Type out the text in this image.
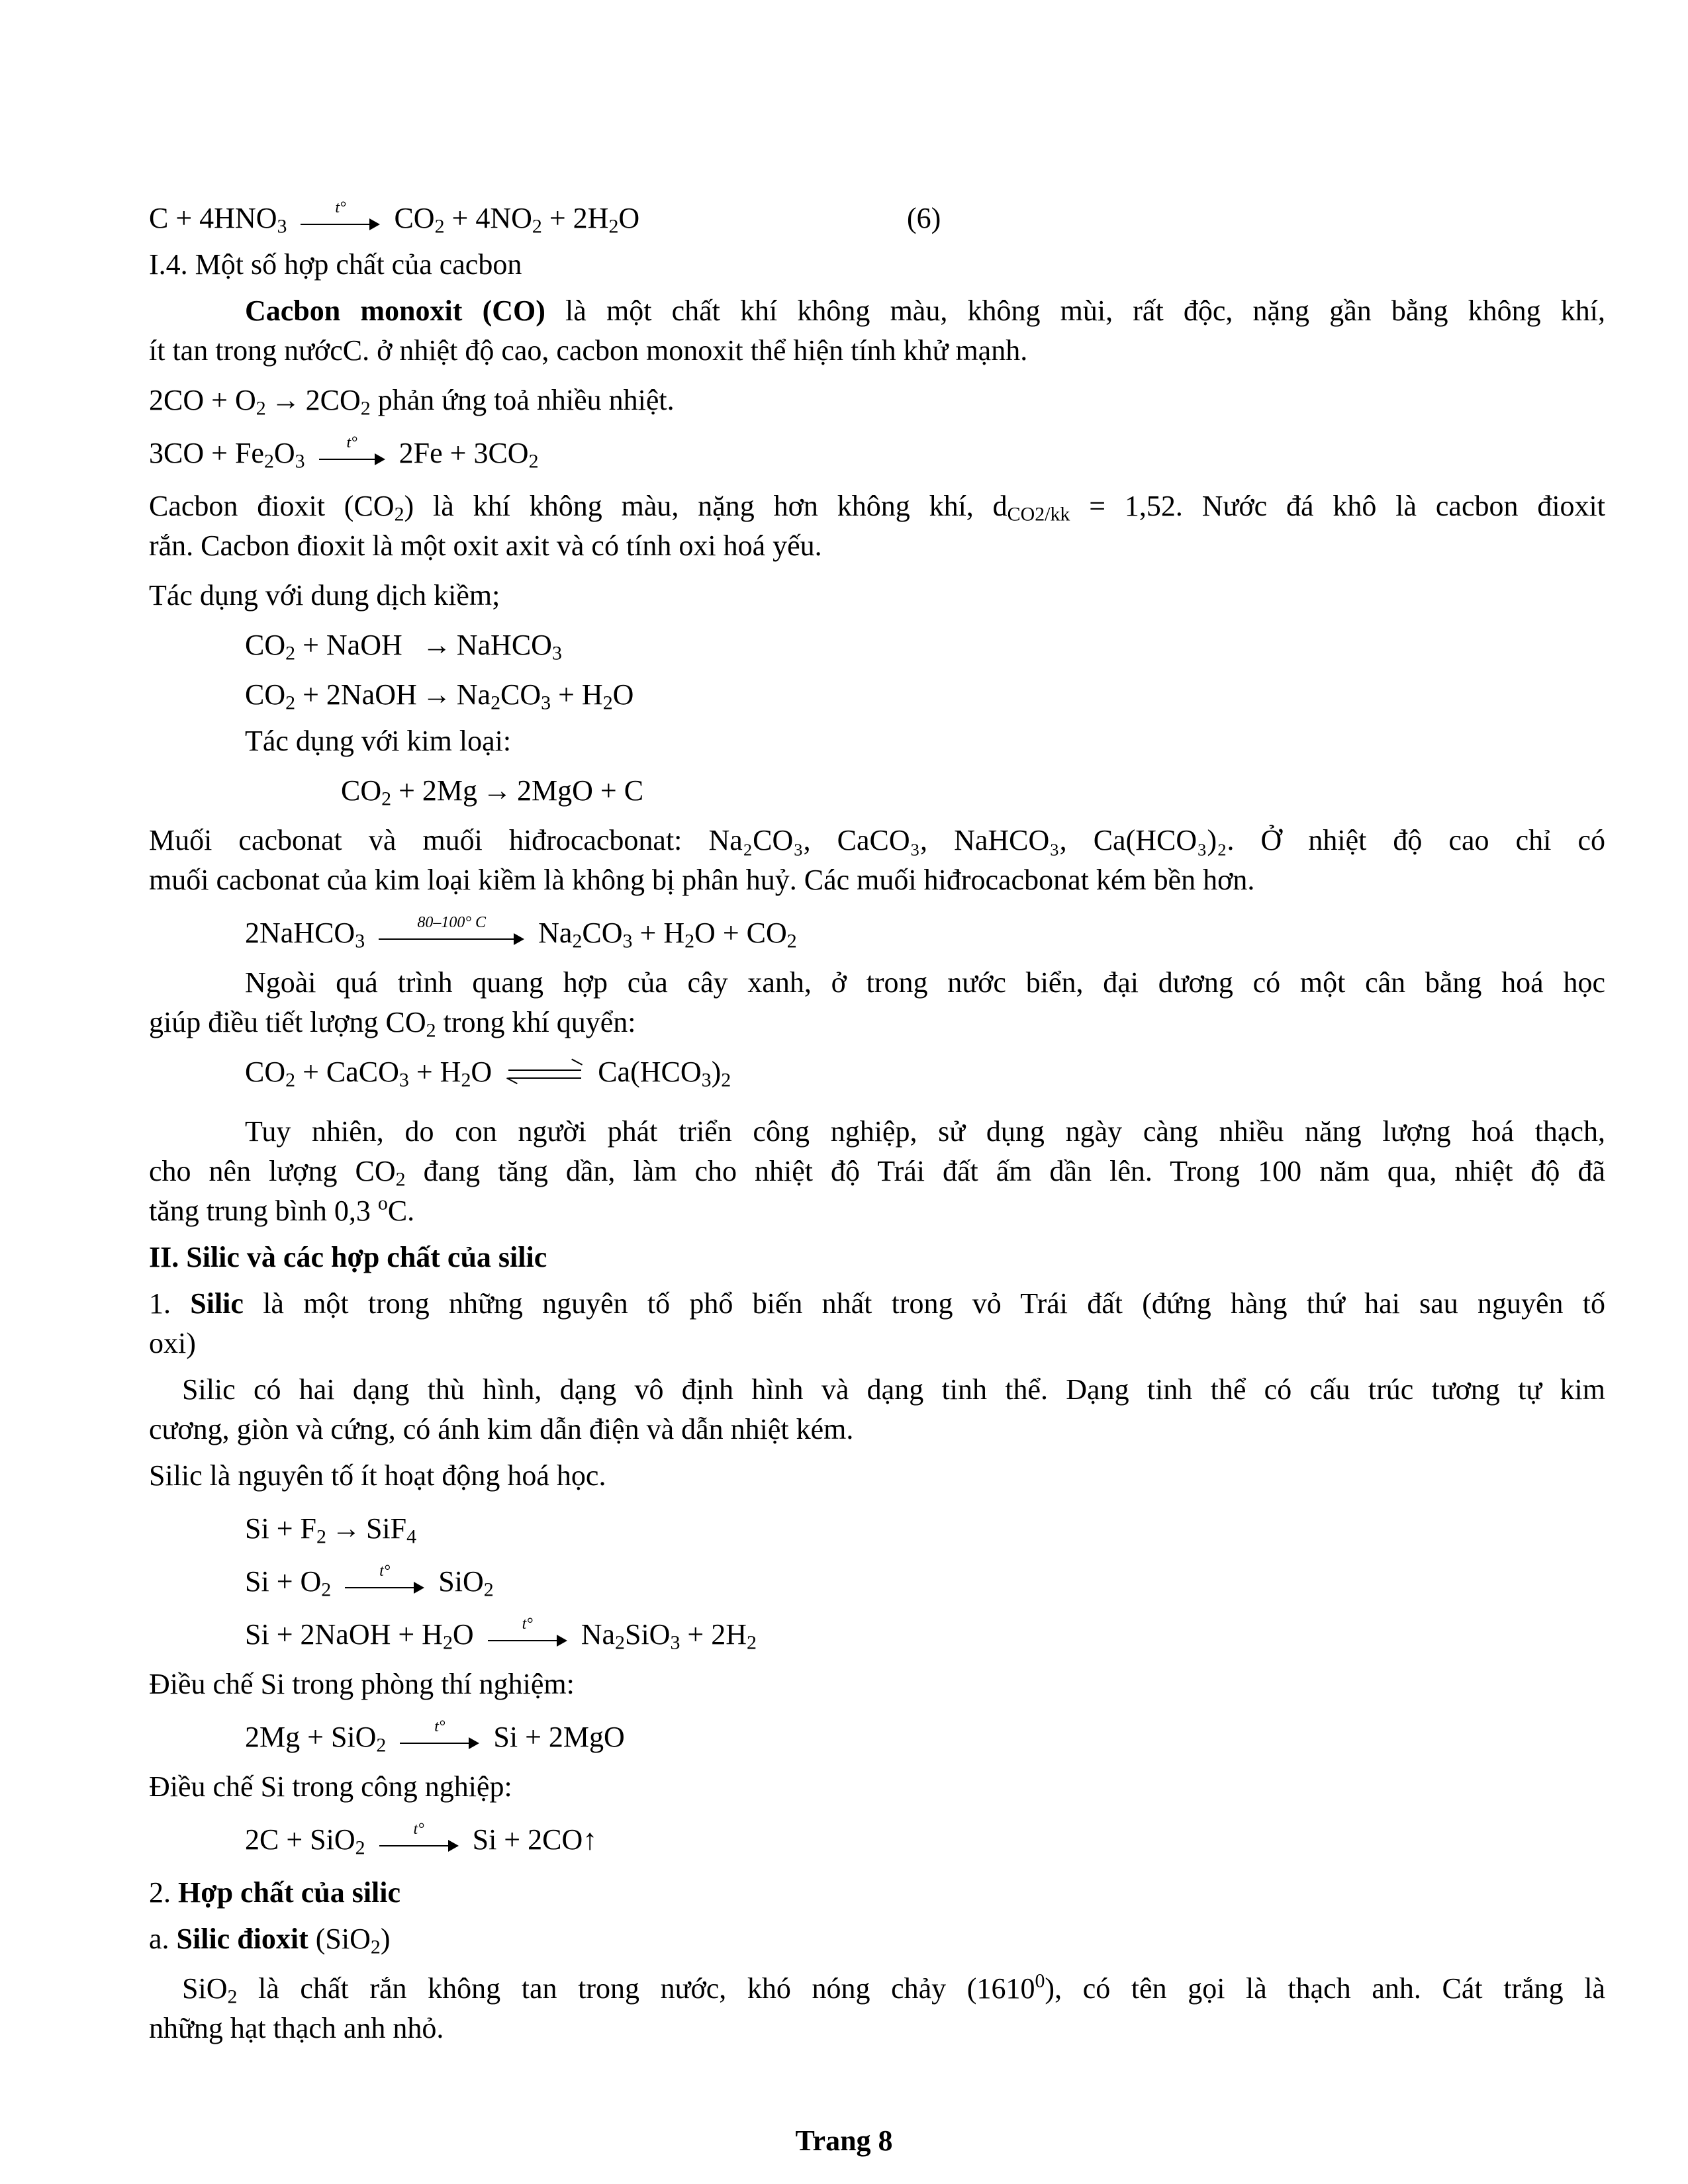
$C + 4HNO_3$
t°	$CO_2 + 4NO_2 + 2H_2O$	(6)
I.4. Một số hợp chất của cacbon
Cacbon monoxit (CO) là một chất khí không màu, không mùi, rất độc, nặng gần bằng không khí,
ít tan trong nướcC. ở nhiệt độ cao, cacbon monoxit thể hiện tính khử mạnh.
$2CO + O_2 \to 2CO_2$ phản ứng toả nhiều nhiệt.
$3CO + Fe_2O_3$
t°	$2Fe + 3CO_2$
Cacbon đioxit $(CO_2)$ là khí không màu, nặng hơn không khí, $d_{CO2/kk} = 1,52$. Nước đá khô là cacbon đioxit
rắn. Cacbon đioxit là một oxit axit và có tính oxi hoá yếu.
Tác dụng với dung dịch kiềm;
$CO_2$ + NaOH → NaHCO$_3$
$CO_2$ + 2NaOH → $Na_2CO_3 + H_2O$
Tác dụng với kim loại:
$CO_2 + 2Mg \to 2MgO + C$
Muối cacbonat và muối hiđrocacbonat: Na₂CO₃, CaCO₃, NaHCO₃, Ca(HCO₃)₂. Ở nhiệt độ cao chỉ có
muối cacbonat của kim loại kiềm là không bị phân huỷ. Các muối hiđrocacbonat kém bền hơn.
2NaHCO$_3$
80–100° C	$Na_2CO_3 + H_2O + CO_2$
Ngoài quá trình quang hợp của cây xanh, ở trong nước biển, đại dương có một cân bằng hoá học
giúp điều tiết lượng $CO_2$ trong khí quyển:
$CO_2$ + CaCO$_3$ + $H_2O$ ⇌ $Ca(HCO_3)_2$
Tuy nhiên, do con người phát triển công nghiệp, sử dụng ngày càng nhiều năng lượng hoá thạch,
cho nên lượng $CO_2$ đang tăng dần, làm cho nhiệt độ Trái đất ấm dần lên. Trong 100 năm qua, nhiệt độ đã
tăng trung bình 0,3 $^o$C.
II. Silic và các hợp chất của silic
1. Silic là một trong những nguyên tố phổ biến nhất trong vỏ Trái đất (đứng hàng thứ hai sau nguyên tố
oxi)
Silic có hai dạng thù hình, dạng vô định hình và dạng tinh thể. Dạng tinh thể có cấu trúc tương tự kim
cương, giòn và cứng, có ánh kim dẫn điện và dẫn nhiệt kém.
Silic là nguyên tố ít hoạt động hoá học.
$Si + F_2 \to SiF_4$
$Si + O_2$
t°	SiO$_2$
Si + 2NaOH + $H_2O$	t°	$Na_2SiO_3 + 2H_2$
Điều chế Si trong phòng thí nghiệm:
2Mg + SiO$_2$
t°	Si + 2MgO
Điều chế Si trong công nghiệp:
2C + SiO$_2$
t°	Si + 2CO↑
2. Hợp chất của silic
a. Silic đioxit (SiO$_2$)
SiO$_2$ là chất rắn không tan trong nước, khó nóng chảy (1610$^0$), có tên gọi là thạch anh. Cát trắng là
những hạt thạch anh nhỏ.
Trang 8
